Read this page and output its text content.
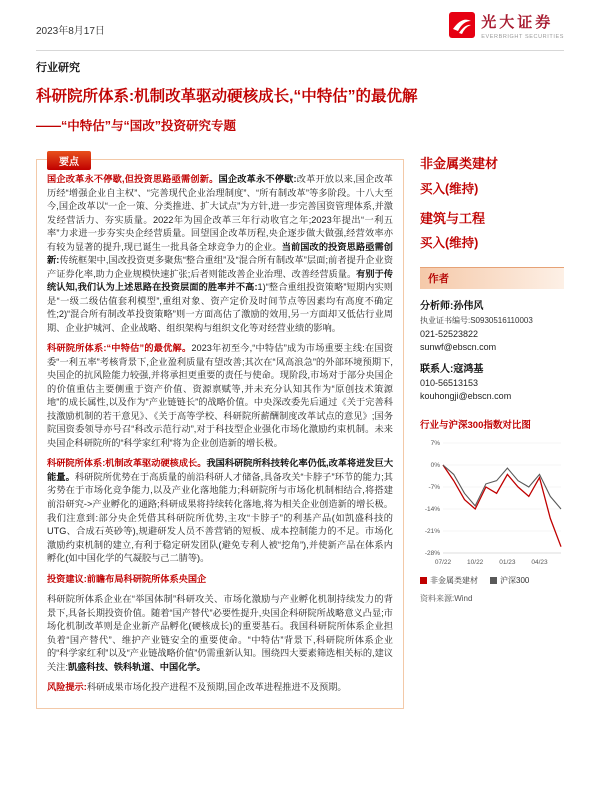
2023年8月17日
光大证券
EVERBRIGHT SECURITIES
行业研究
科研院所体系:机制改革驱动硬核成长,“中特估”的最优解
——“中特估”与“国改”投资研究专题
要点

国企改革永不停歇,但投资思路亟需创新。国企改革永不停歇:改革开放以来,国企改革历经“增强企业自主权”、“完善现代企业治理制度”、“所有制改革”等多阶段。十八大至今,国企改革以“一企一策、分类推进、扩大试点”为方针,进一步完善国资管理体系,并激发经营活力、夯实质量。2022年为国企改革三年行动收官之年;2023年提出“一利五率”力求进一步夯实央企经营质量。回望国企改革历程,央企逐步做大做强,经营效率亦有较为显著的提升,现已诞生一批具备全球竞争力的企业。当前国改的投资思路亟需创新:传统框架中,国改投资更多聚焦“整合重组”及“混合所有制改革”层面;前者提升企业资产证券化率,助力企业规模快速扩张;后者则能改善企业治理、改善经营质量。有别于传统认知,我们认为上述思路在投资层面的胜率并不高:1)“整合重组投资策略”短期内实则是“一级二级估值套利模型”,重组对象、资产定价及时间节点等因素均有高度不确定性;2)“混合所有制改革投资策略”则一方面高估了激励的效用,另一方面却又低估行业周期、企业护城河、企业战略、组织架构与组织文化等对经营业绩的影响。

科研院所体系:“中特估”的最优解。2023年初至今,“中特估”成为市场重要主线:在国资委“一利五率”考核背景下,企业盈利质量有望改善;其次在“风高浪急”的外部环境预期下,央国企的抗风险能力较强,并将承担更重要的责任与使命。现阶段,市场对于部分央国企的价值重估主要侧重于资产价值、资源禀赋等,并未充分认知其作为“原创技术策源地”的成长属性,以及作为“产业链链长”的战略价值。中央深改委先后通过《关于完善科技激励机制的若干意见》、《关于高等学校、科研院所薪酬制度改革试点的意见》;国务院国资委领导亦号召“科改示范行动”,对于科技型企业强化市场化激励约束机制。未来央国企科研院所的“科学家红利”将为企业创造新的增长极。

科研院所体系:机制改革驱动硬核成长。我国科研院所科技转化率仍低,改革将迸发巨大能量。科研院所优势在于高质量的前沿科研人才储备,具备攻关“卡脖子”环节的能力;其劣势在于市场化竞争能力,以及产业化落地能力;科研院所与市场化机制相结合,将搭建前沿研究->产业孵化的通路;科研成果将持续转化落地,将为相关企业创造新的增长极。我们注意到:部分央企凭借其科研院所优势,主攻“卡脖子”的利基产品(如凯盛科技的UTG、合成石英砂等),规避研发人员不善营销的短板、成本控制能力的不足。市场化激励约束机制的建立,有利于稳定研发团队(避免专利人被“挖角”),并使新产品在体系内孵化(如中国化学的气凝胶与己二腈等)。

投资建议:前瞻布局科研院所体系央国企

科研院所体系企业在“举国体制”科研攻关、市场化激励与产业孵化机制持续发力的背景下,具备长期投资价值。随着“国产替代”必要性提升,央国企科研院所战略意义凸显;市场化机制改革则是企业新产品孵化(硬核成长)的重要基石。我国科研院所体系企业担负着“国产替代”、维护产业链安全的重要使命。“中特估”背景下,科研院所体系企业的“科学家红利”以及“产业链战略价值”仍需重新认知。围绕四大要素筛选相关标的,建议关注:凯盛科技、铁科轨道、中国化学。

风险提示:科研成果市场化投产进程不及预期,国企改革进程推进不及预期。

非金属类建材
买入(维持)
建筑与工程
买入(维持)
作者
分析师:孙伟风
执业证书编号:S0930516110003
021-52523822
sunwf@ebscn.com
联系人:寇鸿基
010-56513153
kouhongji@ebscn.com
行业与沪深300指数对比图
7%
0%
-7%
-14%
-21%
-28%
07/22 10/22 01/23 04/23
非金属类建材	沪深300
资料来源:Wind
